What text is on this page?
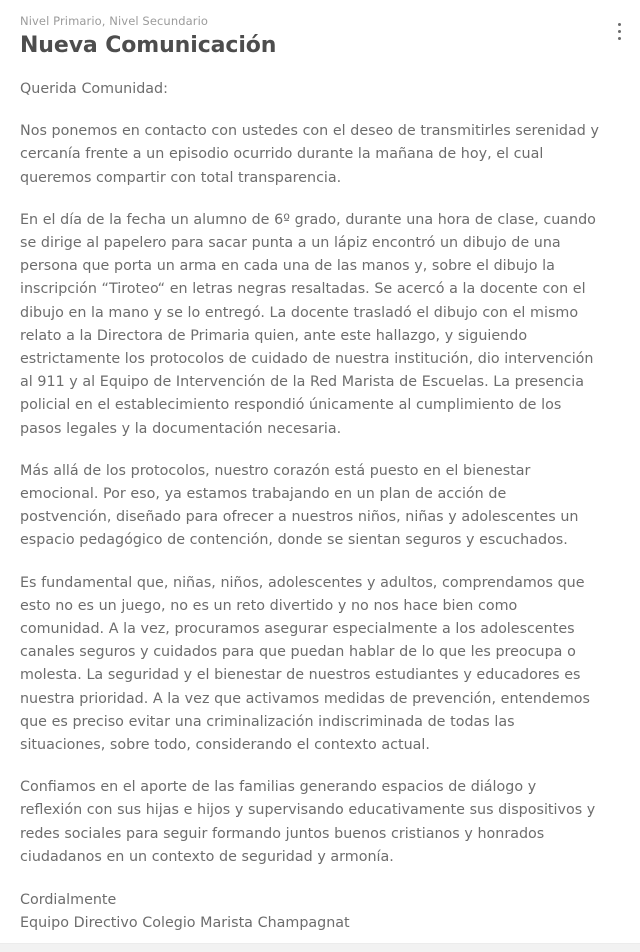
Nivel Primario, Nivel Secundario
Nueva Comunicación

Querida Comunidad:

Nos ponemos en contacto con ustedes con el deseo de transmitirles serenidad y cercanía frente a un episodio ocurrido durante la mañana de hoy, el cual queremos compartir con total transparencia.

En el día de la fecha un alumno de 6º grado, durante una hora de clase, cuando se dirige al papelero para sacar punta a un lápiz encontró un dibujo de una persona que porta un arma en cada una de las manos y, sobre el dibujo la inscripción “Tiroteo“ en letras negras resaltadas. Se acercó a la docente con el dibujo en la mano y se lo entregó. La docente trasladó el dibujo con el mismo relato a la Directora de Primaria quien, ante este hallazgo, y siguiendo estrictamente los protocolos de cuidado de nuestra institución, dio intervención al 911 y al Equipo de Intervención de la Red Marista de Escuelas. La presencia policial en el establecimiento respondió únicamente al cumplimiento de los pasos legales y la documentación necesaria.

Más allá de los protocolos, nuestro corazón está puesto en el bienestar emocional. Por eso, ya estamos trabajando en un plan de acción de postvención, diseñado para ofrecer a nuestros niños, niñas y adolescentes un espacio pedagógico de contención, donde se sientan seguros y escuchados.

Es fundamental que, niñas, niños, adolescentes y adultos, comprendamos que esto no es un juego, no es un reto divertido y no nos hace bien como comunidad. A la vez, procuramos asegurar especialmente a los adolescentes canales seguros y cuidados para que puedan hablar de lo que les preocupa o molesta. La seguridad y el bienestar de nuestros estudiantes y educadores es nuestra prioridad. A la vez que activamos medidas de prevención, entendemos que es preciso evitar una criminalización indiscriminada de todas las situaciones, sobre todo, considerando el contexto actual.

Confiamos en el aporte de las familias generando espacios de diálogo y reflexión con sus hijas e hijos y supervisando educativamente sus dispositivos y redes sociales para seguir formando juntos buenos cristianos y honrados ciudadanos en un contexto de seguridad y armonía.

Cordialmente

Equipo Directivo Colegio Marista Champagnat
